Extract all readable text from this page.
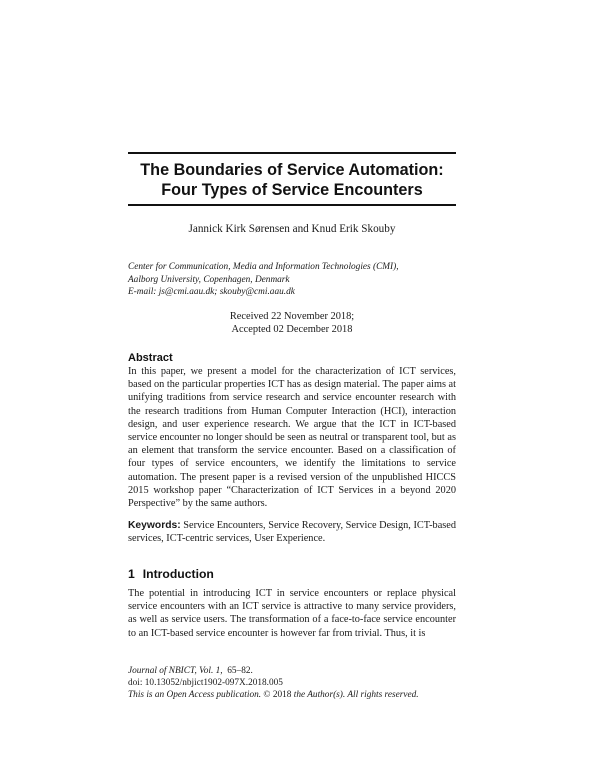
The Boundaries of Service Automation:
Four Types of Service Encounters
Jannick Kirk Sørensen and Knud Erik Skouby
Center for Communication, Media and Information Technologies (CMI),
Aalborg University, Copenhagen, Denmark
E-mail: js@cmi.aau.dk; skouby@cmi.aau.dk
Received 22 November 2018;
Accepted 02 December 2018
Abstract

In this paper, we present a model for the characterization of ICT services, based on the particular properties ICT has as design material. The paper aims at unifying traditions from service research and service encounter research with the research traditions from Human Computer Interaction (HCI), interaction design, and user experience research. We argue that the ICT in ICT-based service encounter no longer should be seen as neutral or transparent tool, but as an element that transform the service encounter. Based on a classification of four types of service encounters, we identify the limitations to service automation. The present paper is a revised version of the unpublished HICCS 2015 workshop paper “Characterization of ICT Services in a beyond 2020 Perspective” by the same authors.

Keywords: Service Encounters, Service Recovery, Service Design, ICT-based services, ICT-centric services, User Experience.

1 Introduction

The potential in introducing ICT in service encounters or replace physical service encounters with an ICT service is attractive to many service providers, as well as service users. The transformation of a face-to-face service encounter to an ICT-based service encounter is however far from trivial. Thus, it is

Journal of NBICT, Vol. 1, 65–82.
doi: 10.13052/nbjict1902-097X.2018.005
This is an Open Access publication. © 2018 the Author(s). All rights reserved.
